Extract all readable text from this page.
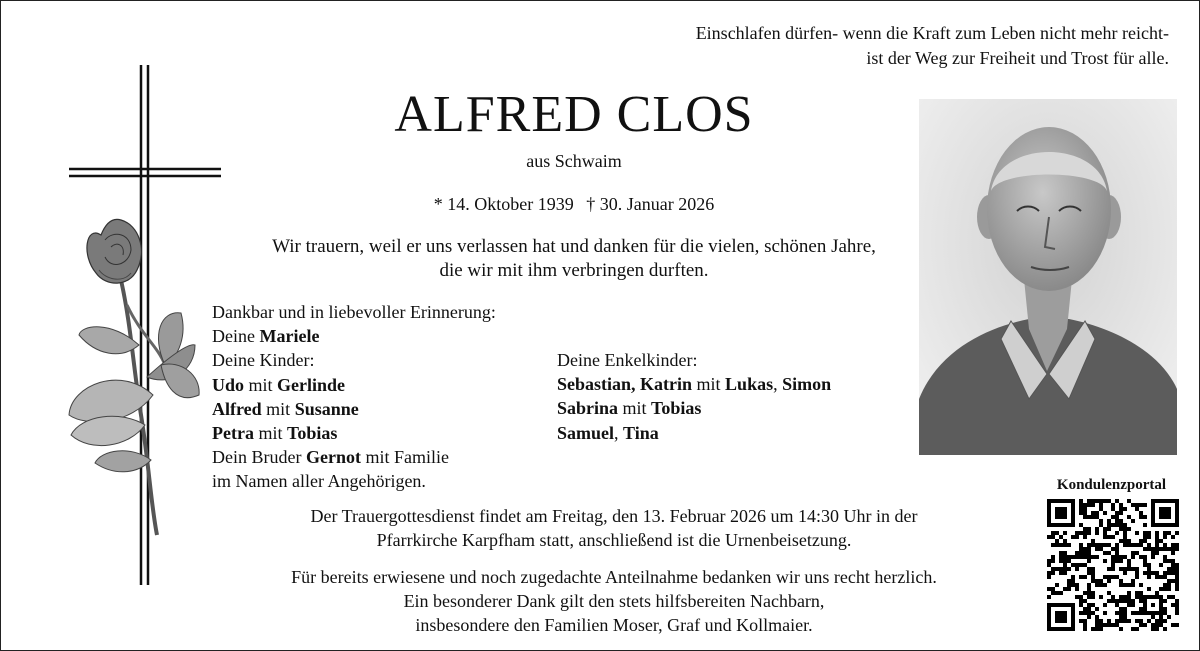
Einschlafen dürfen- wenn die Kraft zum Leben nicht mehr reicht-
ist der Weg zur Freiheit und Trost für alle.
ALFRED CLOS
aus Schwaim
* 14. Oktober 1939 † 30. Januar 2026
Wir trauern, weil er uns verlassen hat und danken für die vielen, schönen Jahre,
die wir mit ihm verbringen durften.
Dankbar und in liebevoller Erinnerung:
Deine Mariele
Deine Kinder:
Udo mit Gerlinde
Alfred mit Susanne
Petra mit Tobias
Dein Bruder Gernot mit Familie
im Namen aller Angehörigen.
Deine Enkelkinder:
Sebastian, Katrin mit Lukas, Simon
Sabrina mit Tobias
Samuel, Tina
Der Trauergottesdienst findet am Freitag, den 13. Februar 2026 um 14:30 Uhr in der
Pfarrkirche Karpfham statt, anschließend ist die Urnenbeisetzung.
Für bereits erwiesene und noch zugedachte Anteilnahme bedanken wir uns recht herzlich.
Ein besonderer Dank gilt den stets hilfsbereiten Nachbarn,
insbesondere den Familien Moser, Graf und Kollmaier.
Kondulenzportal
